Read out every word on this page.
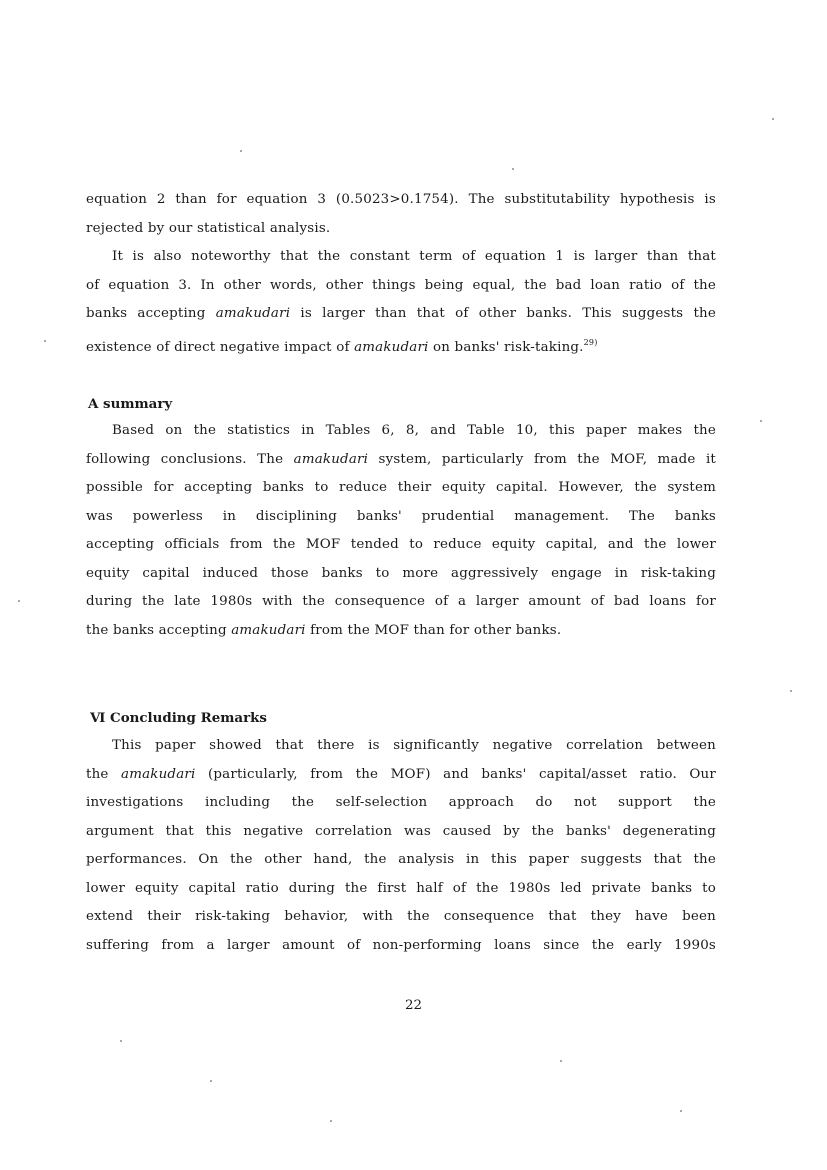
equation 2 than for equation 3 (0.5023>0.1754). The substitutability hypothesis is
rejected by our statistical analysis.
It is also noteworthy that the constant term of equation 1 is larger than that
of equation 3. In other words, other things being equal, the bad loan ratio of the
banks accepting amakudari is larger than that of other banks. This suggests the
existence of direct negative impact of amakudari on banks' risk-taking.$^{29)}$
A summary
Based on the statistics in Tables 6, 8, and Table 10, this paper makes the
following conclusions. The amakudari system, particularly from the MOF, made it
possible for accepting banks to reduce their equity capital. However, the system
was powerless in disciplining banks' prudential management. The banks
accepting officials from the MOF tended to reduce equity capital, and the lower
equity capital induced those banks to more aggressively engage in risk-taking
during the late 1980s with the consequence of a larger amount of bad loans for
the banks accepting amakudari from the MOF than for other banks.
Ⅵ Concluding Remarks
This paper showed that there is significantly negative correlation between
the amakudari (particularly, from the MOF) and banks' capital/asset ratio. Our
investigations including the self-selection approach do not support the
argument that this negative correlation was caused by the banks' degenerating
performances. On the other hand, the analysis in this paper suggests that the
lower equity capital ratio during the first half of the 1980s led private banks to
extend their risk-taking behavior, with the consequence that they have been
suffering from a larger amount of non-performing loans since the early 1990s
22
